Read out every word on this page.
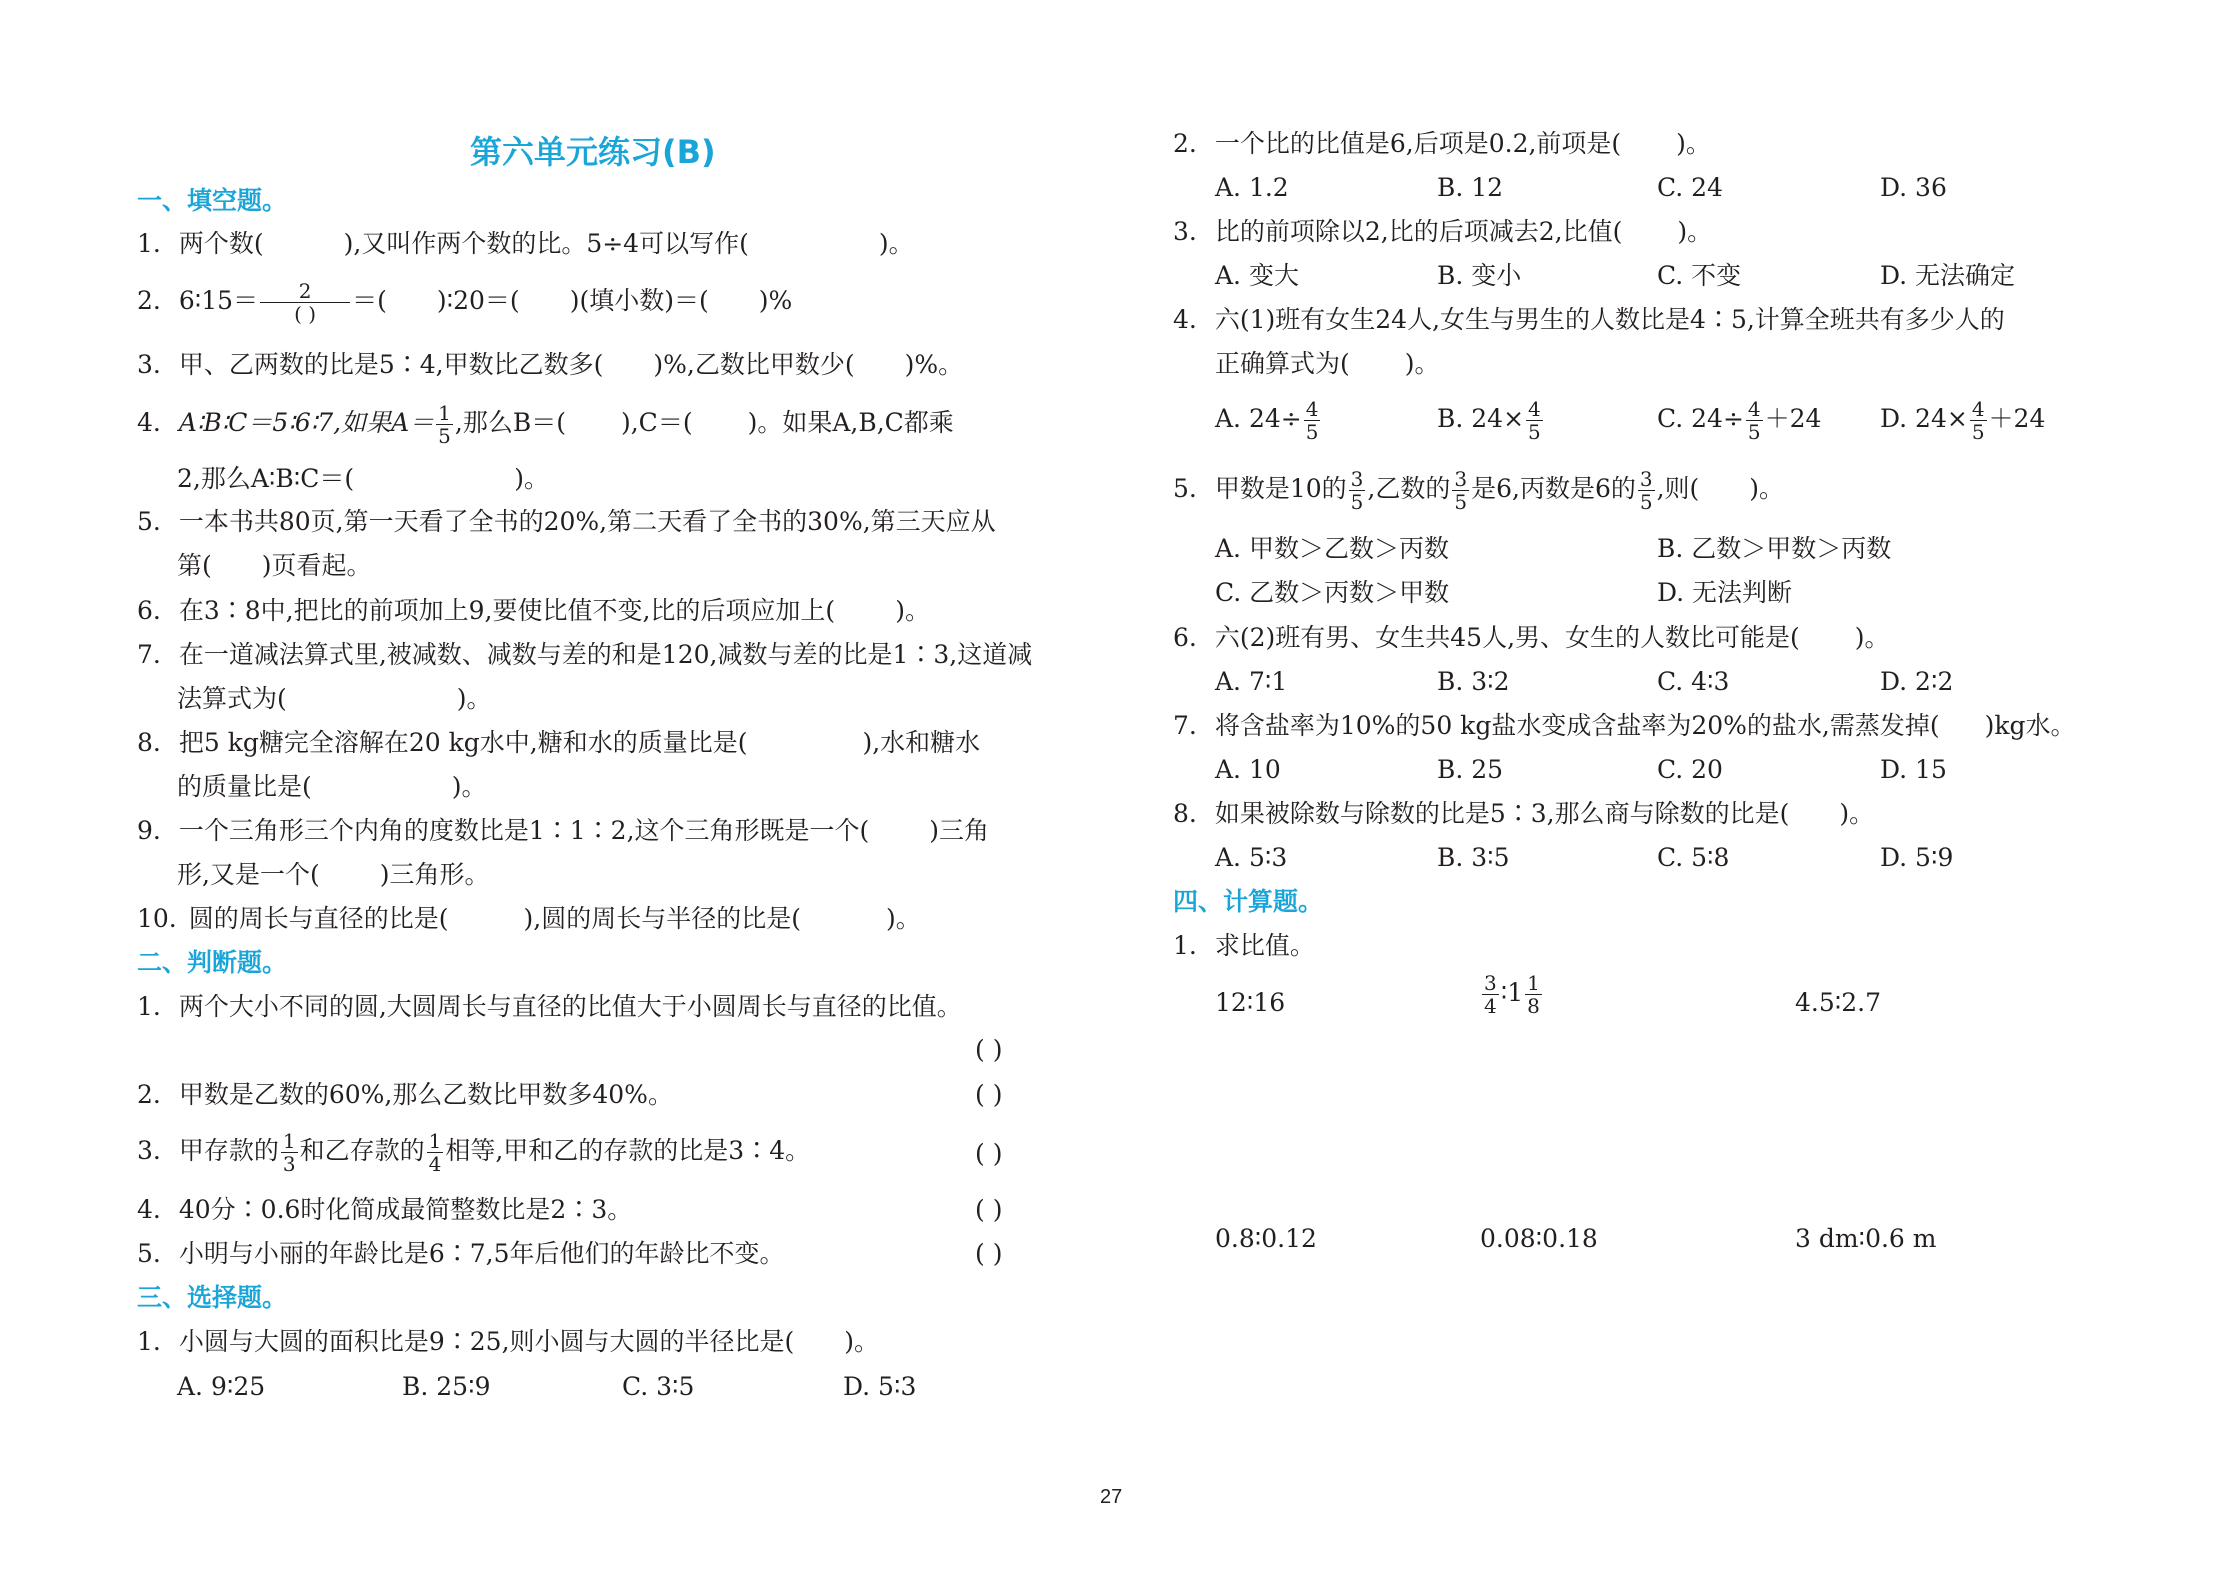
第六单元练习(B)
一、填空题。
1. 两个数(	),又叫作两个数的比。5÷4可以写作(	)。
2. 6∶15＝ $\frac{2}{( )}$ ＝( )∶20＝( )(填小数)＝( )%
3. 甲、乙两数的比是5∶4,甲数比乙数多( )%,乙数比甲数少( )%。
4. A∶B∶C＝5∶6∶7,如果$A= \frac{1}{5}$ ,那么B＝( ),C＝( )。如果A,B,C都乘
2,那么A∶B∶C＝(	)。
5. 一本书共80页,第一天看了全书的20%,第二天看了全书的30%,第三天应从
第( )页看起。
6. 在3∶8中,把比的前项加上9,要使比值不变,比的后项应加上( )。
7. 在一道减法算式里,被减数、减数与差的和是120,减数与差的比是1∶3,这道减
法算式为(	)。
8. 把5 kg糖完全溶解在20 kg水中,糖和水的质量比是(	),水和糖水
的质量比是(	)。
9. 一个三角形三个内角的度数比是1∶1∶2,这个三角形既是一个( )三角
形,又是一个( )三角形。
10. 圆的周长与直径的比是(	),圆的周长与半径的比是(	)。
二、判断题。
1. 两个大小不同的圆,大圆周长与直径的比值大于小圆周长与直径的比值。
( )
2. 甲数是乙数的60%,那么乙数比甲数多40%。	( )
3. 甲存款的 $\frac{1}{3}$ 和乙存款的 $\frac{1}{4}$ 相等,甲和乙的存款的比是3∶4。	( )
4. 40分∶0.6时化简成最简整数比是2∶3。	( )
5. 小明与小丽的年龄比是6∶7,5年后他们的年龄比不变。	( )
三、选择题。
1. 小圆与大圆的面积比是9∶25,则小圆与大圆的半径比是( )。
A. 9∶25	B. 25∶9	C. 3∶5	D. 5∶3
2. 一个比的比值是6,后项是0.2,前项是( )。
A. 1.2	B. 12	C. 24	D. 36
3. 比的前项除以2,比的后项减去2,比值( )。
A. 变大	B. 变小	C. 不变	D. 无法确定
4. 六(1)班有女生24人,女生与男生的人数比是4∶5,计算全班共有多少人的
正确算式为( )。
A. $24\div \frac{4}{5}$	B. $24\times \frac{4}{5}$	C. $24\div \frac{4}{5} +24$ D. $24\times \frac{4}{5} +24$
5. 甲数是10的 $\frac{3}{5}$ ,乙数的 $\frac{3}{5}$ 是6,丙数是6的 $\frac{3}{5}$ ,则( )。
A. 甲数＞乙数＞丙数	B. 乙数＞甲数＞丙数
C. 乙数＞丙数＞甲数	D. 无法判断
6. 六(2)班有男、女生共45人,男、女生的人数比可能是( )。
A. 7∶1	B. 3∶2	C. 4∶3	D. 2∶2
7. 将含盐率为10%的50 kg盐水变成含盐率为20%的盐水,需蒸发掉( )kg水。
A. 10	B. 25	C. 20	D. 15
8. 如果被除数与除数的比是5∶3,那么商与除数的比是( )。
A. 5∶3	B. 3∶5	C. 5∶8	D. 5∶9
四、计算题。
1. 求比值。
12∶16	$\frac{3}{4}$ ∶1 $\frac{1}{8}$	4.5∶2.7
0.8∶0.12	0.08∶0.18	3 dm∶0.6 m
27
